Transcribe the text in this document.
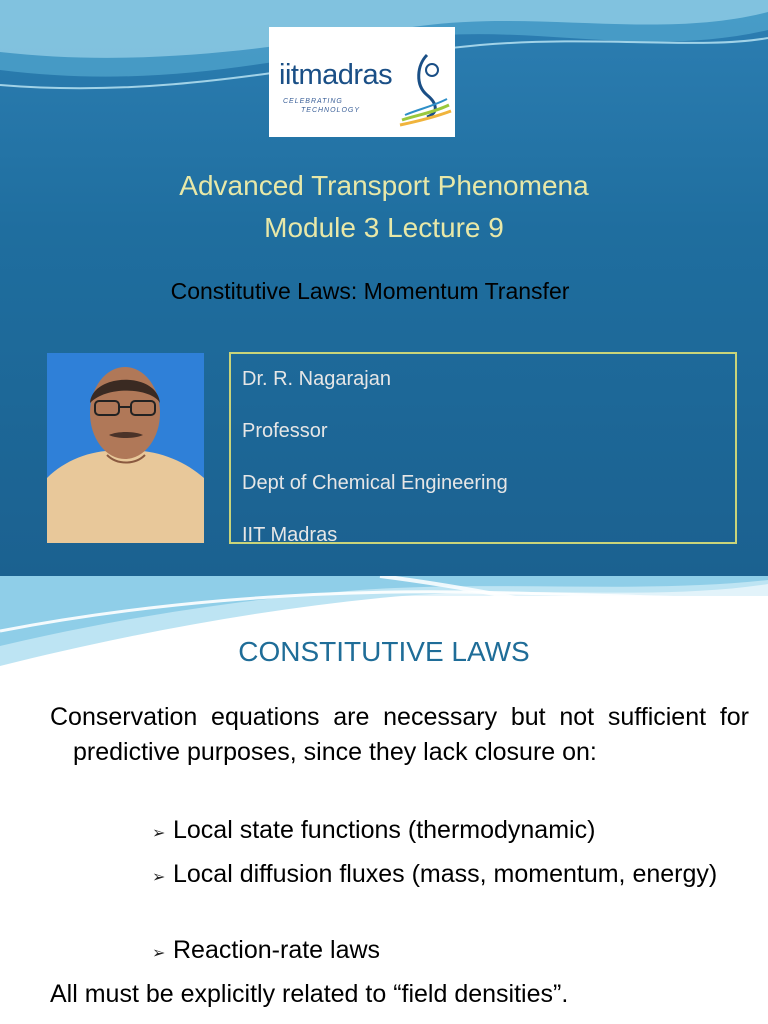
iitmadras
CELEBRATING
TECHNOLOGY
Advanced Transport Phenomena
Module 3 Lecture 9
Constitutive Laws: Momentum Transfer
Dr. R. Nagarajan
Professor
Dept of Chemical Engineering
IIT Madras
CONSTITUTIVE LAWS
Conservation equations are necessary but not sufficient for predictive purposes, since they lack closure on:
➢ Local state functions (thermodynamic)
➢ Local diffusion fluxes (mass, momentum, energy)
➢ Reaction-rate laws
All must be explicitly related to “field densities”.
